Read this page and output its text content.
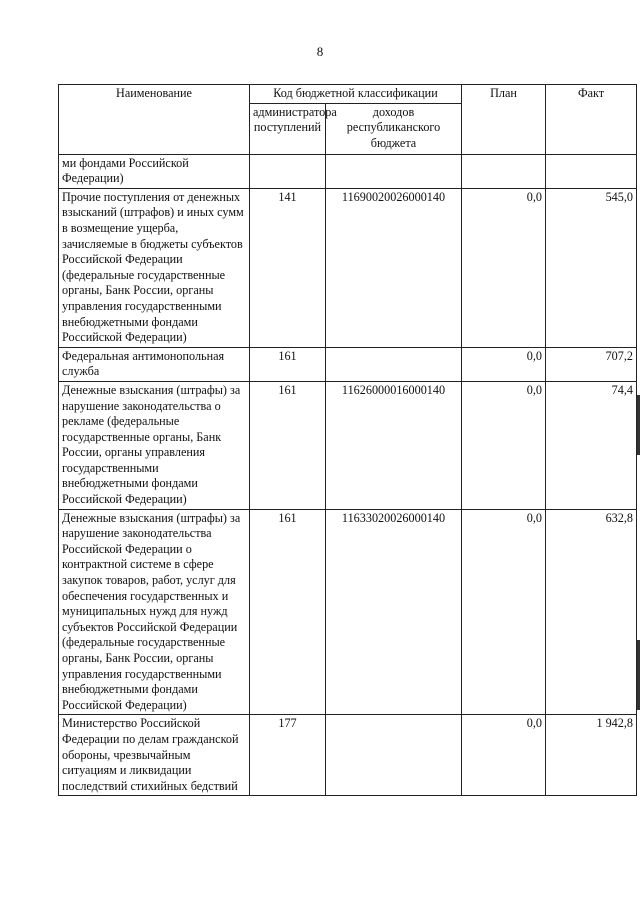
8
Наименование	Код бюджетной классификации		План	Факт
	администратора поступлений	доходов республиканского бюджета		
ми фондами Российской Федерации)				
Прочие поступления от денежных взысканий (штрафов) и иных сумм в возмещение ущерба, зачисляемые в бюджеты субъектов Российской Федерации (федеральные государственные органы, Банк России, органы управления государственными внебюджетными фондами Российской Федерации)	141	11690020026000140	0,0	545,0
Федеральная антимонопольная служба	161		0,0	707,2
Денежные взыскания (штрафы) за нарушение законодательства о рекламе (федеральные государственные органы, Банк России, органы управления государственными внебюджетными фондами Российской Федерации)	161	11626000016000140	0,0	74,4
Денежные взыскания (штрафы) за нарушение законодательства Российской Федерации о контрактной системе в сфере закупок товаров, работ, услуг для обеспечения государственных и муниципальных нужд для нужд субъектов Российской Федерации (федеральные государственные органы, Банк России, органы управления государственными внебюджетными фондами Российской Федерации)	161	11633020026000140	0,0	632,8
Министерство Российской Федерации по делам гражданской обороны, чрезвычайным ситуациям и ликвидации последствий стихийных бедствий	177		0,0	1 942,8
